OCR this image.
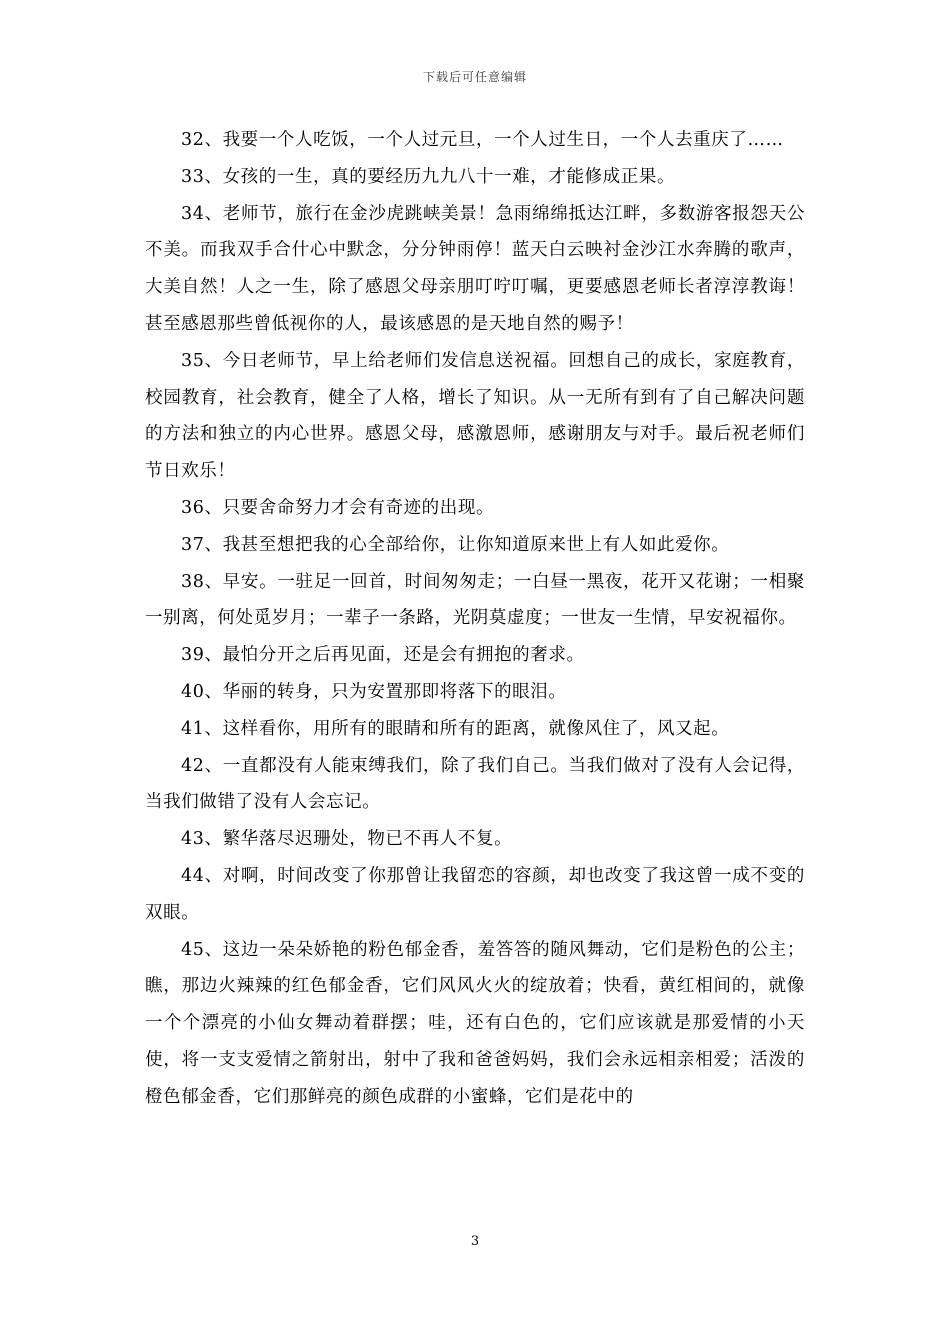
下载后可任意编辑

32、我要一个人吃饭，一个人过元旦，一个人过生日，一个人去重庆了……

33、女孩的一生，真的要经历九九八十一难，才能修成正果。

34、老师节，旅行在金沙虎跳峡美景！急雨绵绵抵达江畔，多数游客报怨天公不美。而我双手合什心中默念，分分钟雨停！蓝天白云映衬金沙江水奔腾的歌声，大美自然！人之一生，除了感恩父母亲朋叮咛叮嘱，更要感恩老师长者淳淳教诲！甚至感恩那些曾低视你的人，最该感恩的是天地自然的赐予！

35、今日老师节，早上给老师们发信息送祝福。回想自己的成长，家庭教育，校园教育，社会教育，健全了人格，增长了知识。从一无所有到有了自己解决问题的方法和独立的内心世界。感恩父母，感激恩师，感谢朋友与对手。最后祝老师们节日欢乐！

36、只要舍命努力才会有奇迹的出现。

37、我甚至想把我的心全部给你，让你知道原来世上有人如此爱你。

38、早安。一驻足一回首，时间匆匆走；一白昼一黑夜，花开又花谢；一相聚一别离，何处觅岁月；一辈子一条路，光阴莫虚度；一世友一生情，早安祝福你。

39、最怕分开之后再见面，还是会有拥抱的奢求。

40、华丽的转身，只为安置那即将落下的眼泪。

41、这样看你，用所有的眼睛和所有的距离，就像风住了，风又起。

42、一直都没有人能束缚我们，除了我们自己。当我们做对了没有人会记得，当我们做错了没有人会忘记。

43、繁华落尽迟珊处，物已不再人不复。

44、对啊，时间改变了你那曾让我留恋的容颜，却也改变了我这曾一成不变的双眼。

45、这边一朵朵娇艳的粉色郁金香，羞答答的随风舞动，它们是粉色的公主；瞧，那边火辣辣的红色郁金香，它们风风火火的绽放着；快看，黄红相间的，就像一个个漂亮的小仙女舞动着群摆；哇，还有白色的，它们应该就是那爱情的小天使，将一支支爱情之箭射出，射中了我和爸爸妈妈，我们会永远相亲相爱；活泼的橙色郁金香，它们那鲜亮的颜色成群的小蜜蜂，它们是花中的

3
